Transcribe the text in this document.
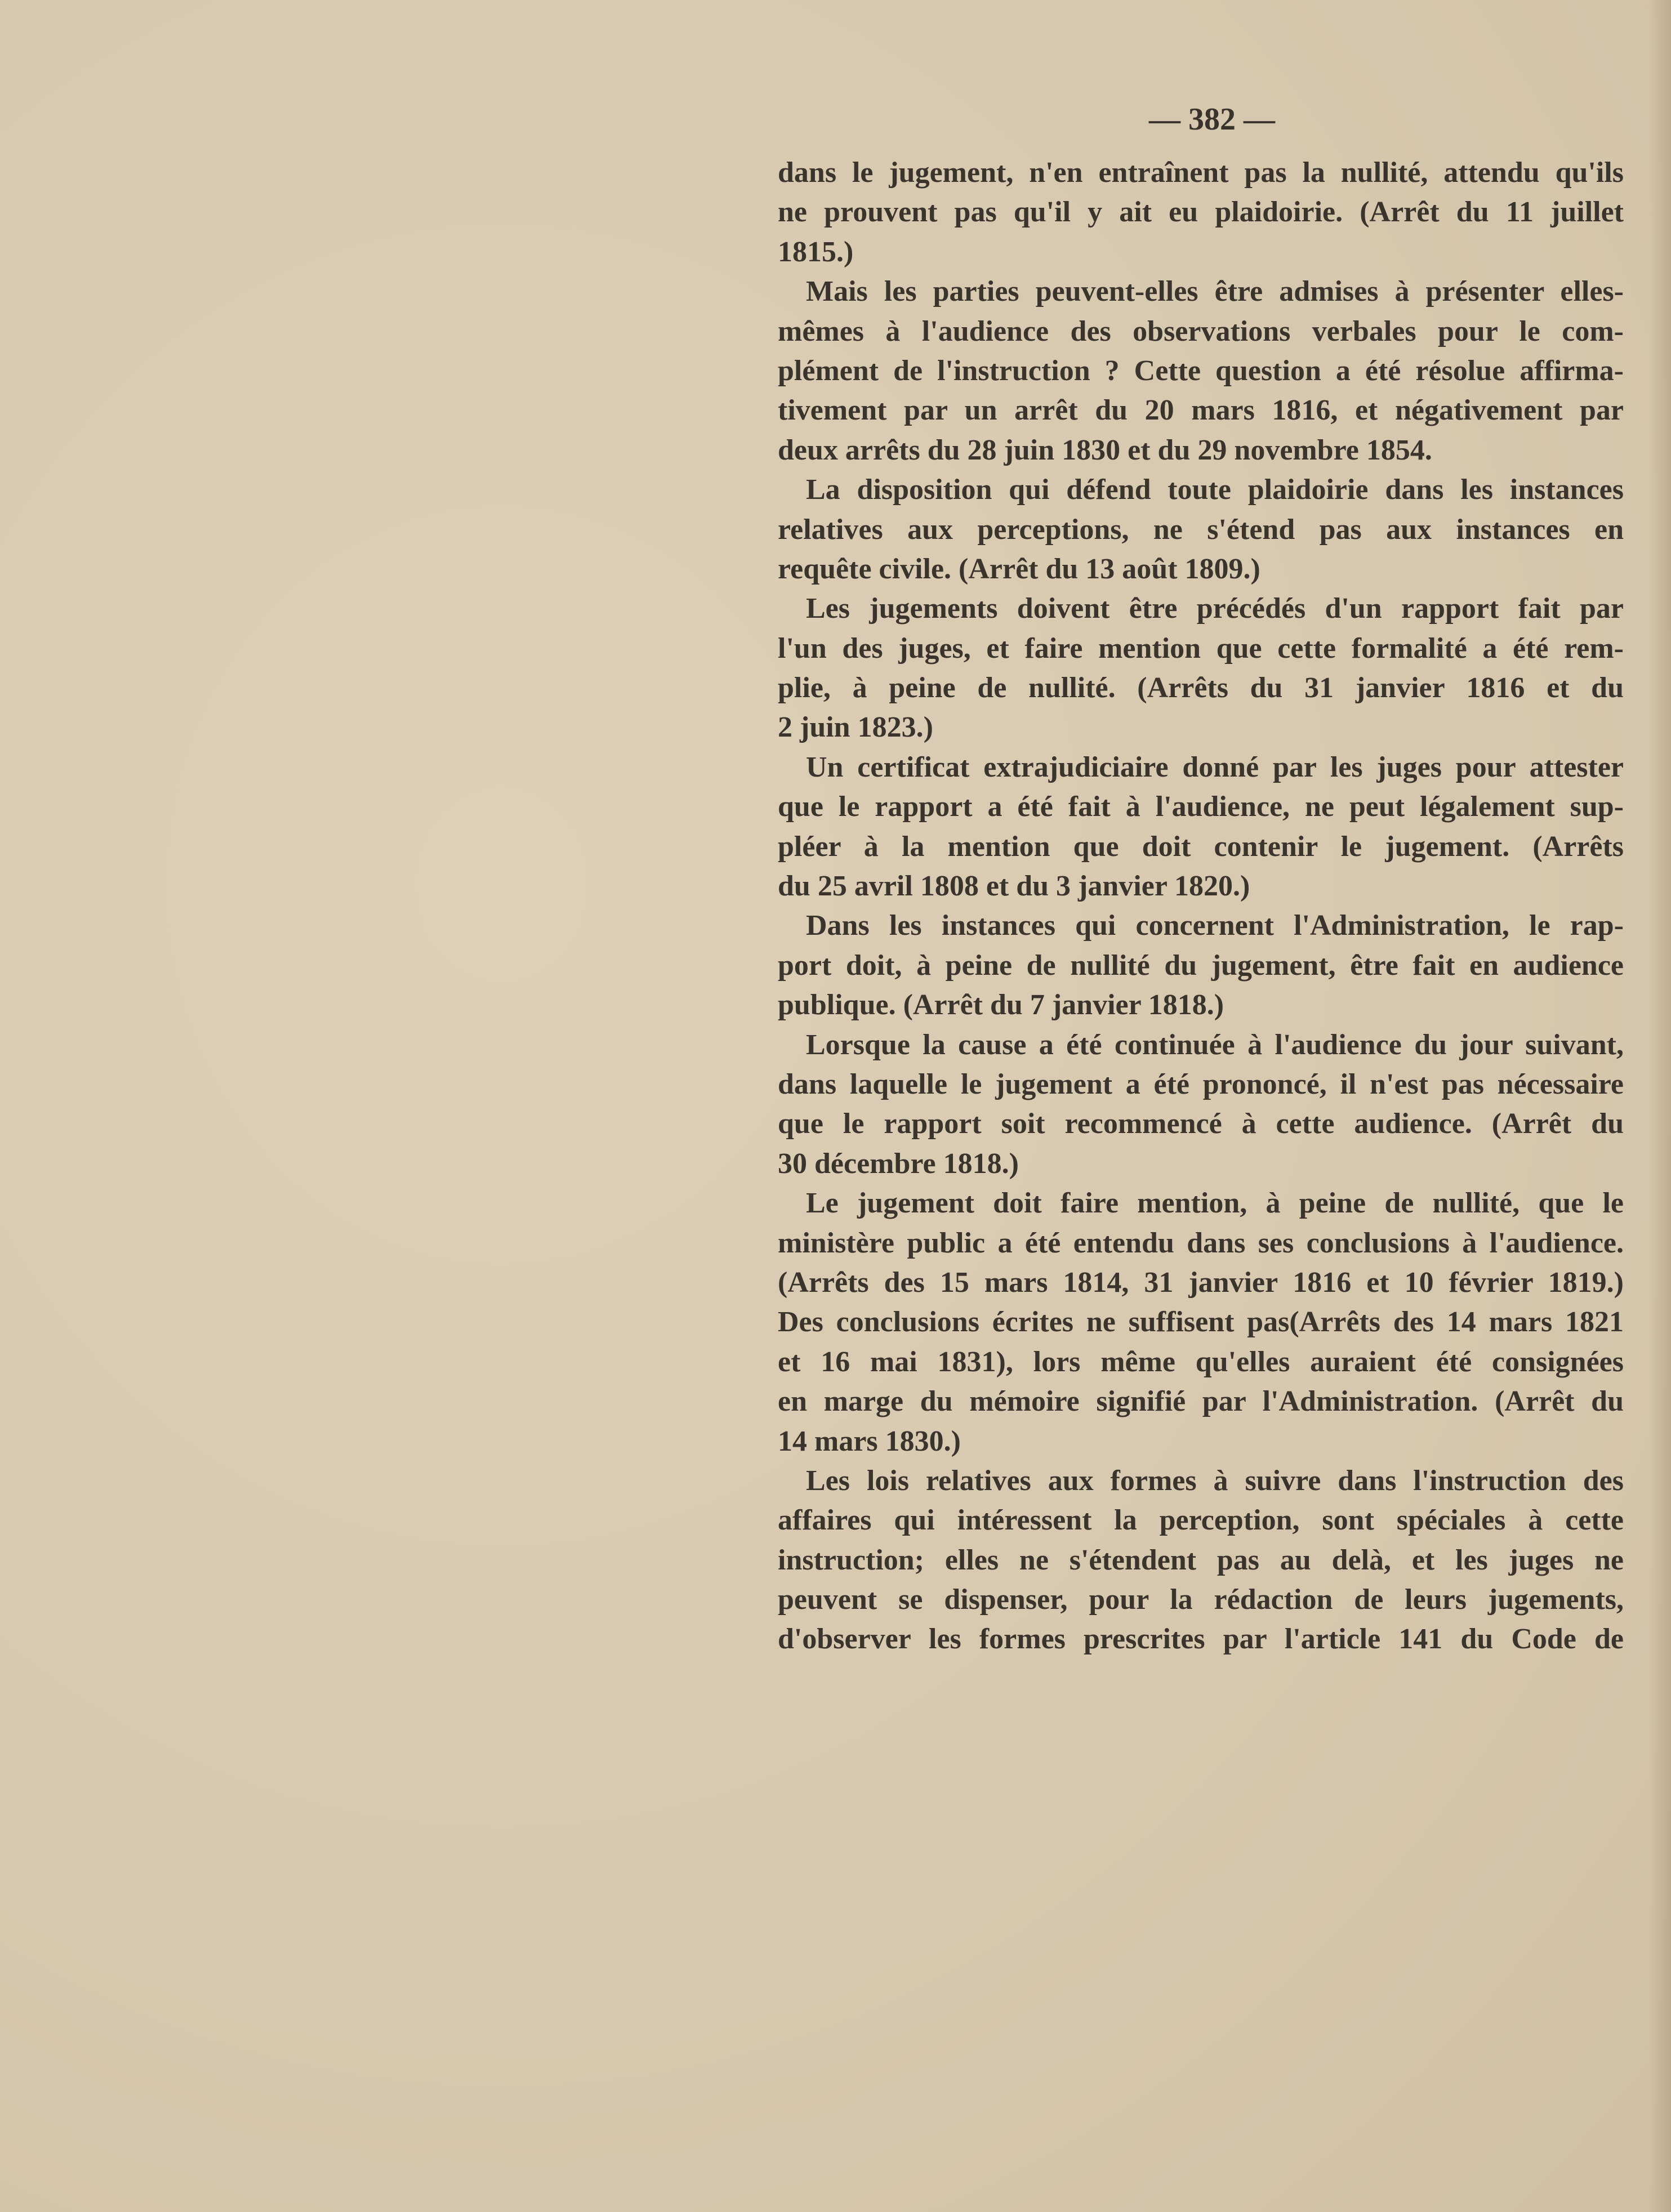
— 382 —
dans le jugement, n'en entraînent pas la nullité, attendu qu'ils
ne prouvent pas qu'il y ait eu plaidoirie. (Arrêt du 11 juillet
1815.)
Mais les parties peuvent-elles être admises à présenter elles-
mêmes à l'audience des observations verbales pour le com-
plément de l'instruction ? Cette question a été résolue affirma-
tivement par un arrêt du 20 mars 1816, et négativement par
deux arrêts du 28 juin 1830 et du 29 novembre 1854.
La disposition qui défend toute plaidoirie dans les instances
relatives aux perceptions, ne s'étend pas aux instances en
requête civile. (Arrêt du 13 août 1809.)
Les jugements doivent être précédés d'un rapport fait par
l'un des juges, et faire mention que cette formalité a été rem-
plie, à peine de nullité. (Arrêts du 31 janvier 1816 et du
2 juin 1823.)
Un certificat extrajudiciaire donné par les juges pour attester
que le rapport a été fait à l'audience, ne peut légalement sup-
pléer à la mention que doit contenir le jugement. (Arrêts
du 25 avril 1808 et du 3 janvier 1820.)
Dans les instances qui concernent l'Administration, le rap-
port doit, à peine de nullité du jugement, être fait en audience
publique. (Arrêt du 7 janvier 1818.)
Lorsque la cause a été continuée à l'audience du jour suivant,
dans laquelle le jugement a été prononcé, il n'est pas nécessaire
que le rapport soit recommencé à cette audience. (Arrêt du
30 décembre 1818.)
Le jugement doit faire mention, à peine de nullité, que le
ministère public a été entendu dans ses conclusions à l'audience.
(Arrêts des 15 mars 1814, 31 janvier 1816 et 10 février 1819.)
Des conclusions écrites ne suffisent pas(Arrêts des 14 mars 1821
et 16 mai 1831), lors même qu'elles auraient été consignées
en marge du mémoire signifié par l'Administration. (Arrêt du
14 mars 1830.)
Les lois relatives aux formes à suivre dans l'instruction des
affaires qui intéressent la perception, sont spéciales à cette
instruction; elles ne s'étendent pas au delà, et les juges ne
peuvent se dispenser, pour la rédaction de leurs jugements,
d'observer les formes prescrites par l'article 141 du Code de
